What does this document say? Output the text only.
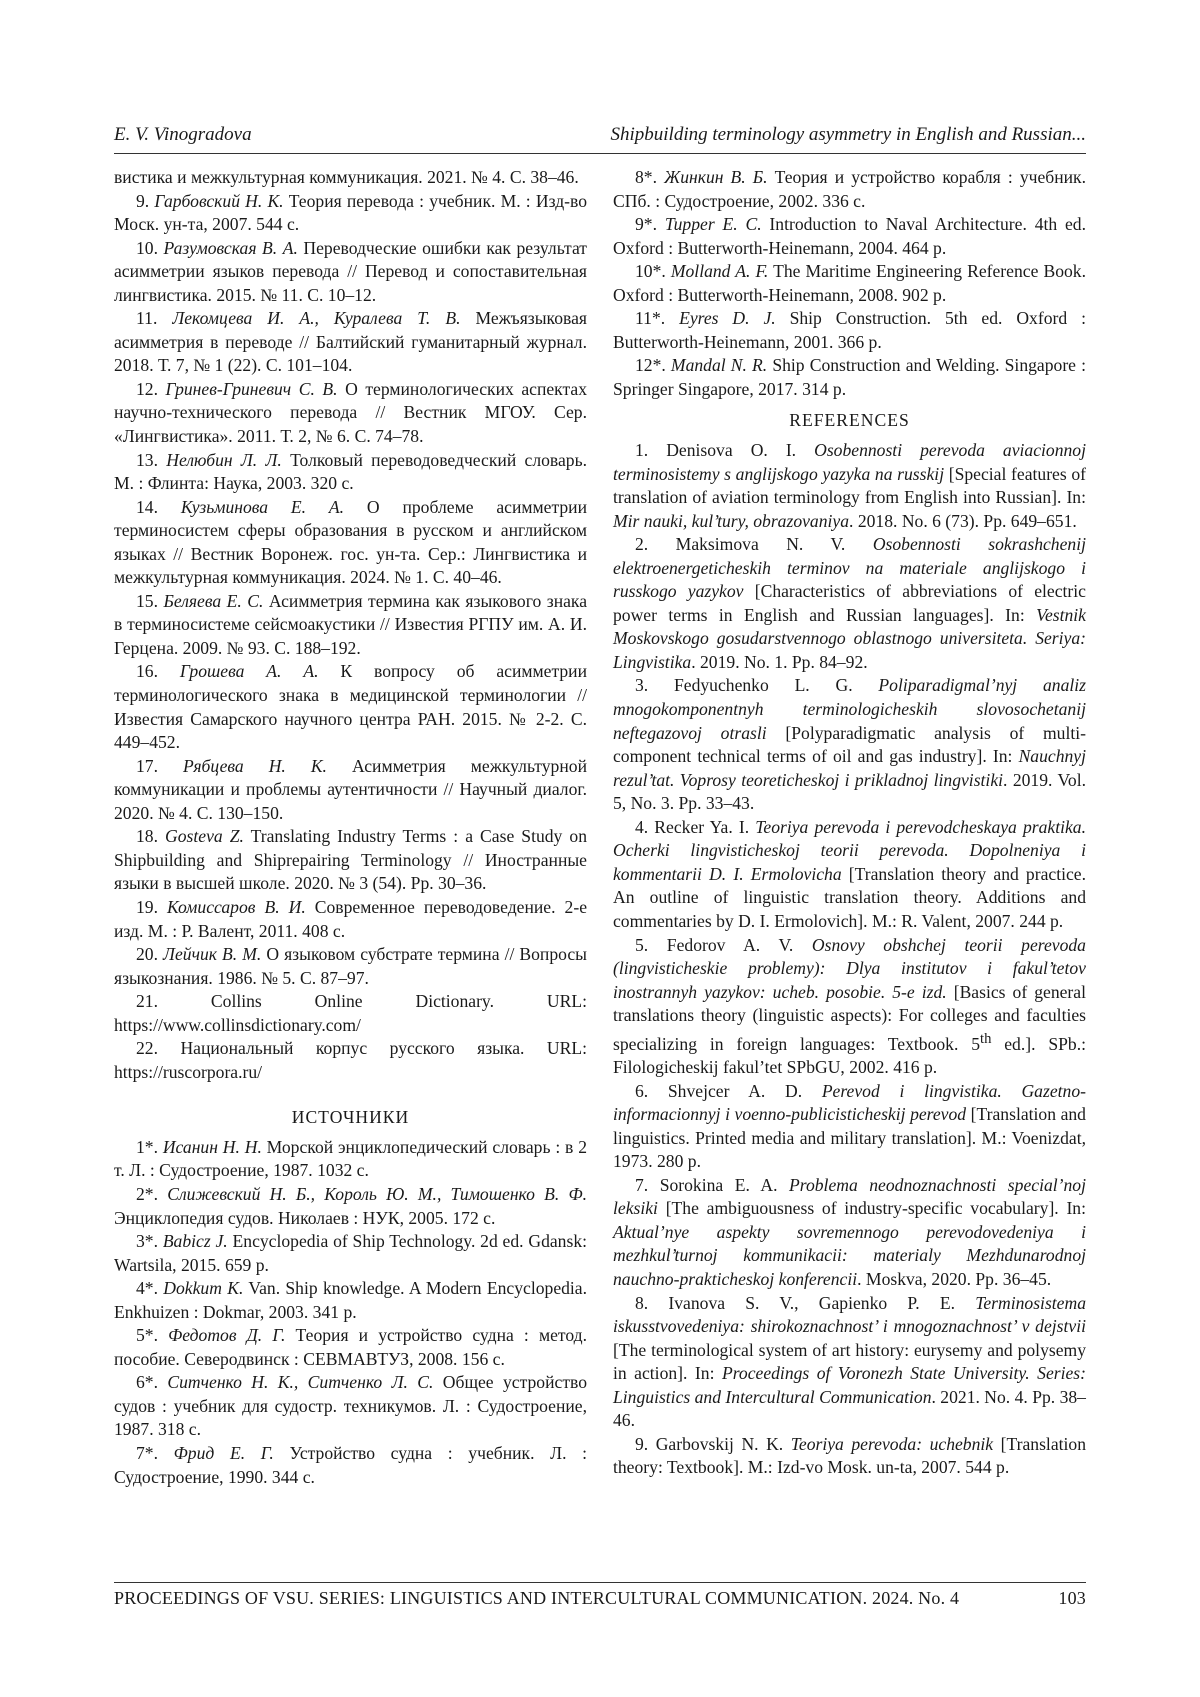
E. V. Vinogradova	Shipbuilding terminology asymmetry in English and Russian...

вистика и межкультурная коммуникация. 2021. № 4. С. 38–46.

9. Гарбовский Н. К. Теория перевода : учебник. М. : Изд-во Моск. ун-та, 2007. 544 с.

10. Разумовская В. А. Переводческие ошибки как результат асимметрии языков перевода // Перевод и сопоставительная лингвистика. 2015. № 11. С. 10–12.

11. Лекомцева И. А., Куралева Т. В. Межъязыковая асимметрия в переводе // Балтийский гуманитарный журнал. 2018. Т. 7, № 1 (22). С. 101–104.

12. Гринев-Гриневич С. В. О терминологических аспектах научно-технического перевода // Вестник МГОУ. Сер. «Лингвистика». 2011. Т. 2, № 6. С. 74–78.

13. Нелюбин Л. Л. Толковый переводоведческий словарь. М. : Флинта: Наука, 2003. 320 с.

14. Кузьминова Е. А. О проблеме асимметрии терминосистем сферы образования в русском и английском языках // Вестник Воронеж. гос. ун-та. Сер.: Лингвистика и межкультурная коммуникация. 2024. № 1. С. 40–46.

15. Беляева Е. С. Асимметрия термина как языкового знака в терминосистеме сейсмоакустики // Известия РГПУ им. А. И. Герцена. 2009. № 93. С. 188–192.

16. Грошева А. А. К вопросу об асимметрии терминологического знака в медицинской терминологии // Известия Самарского научного центра РАН. 2015. № 2-2. С. 449–452.

17. Рябцева Н. К. Асимметрия межкультурной коммуникации и проблемы аутентичности // Научный диалог. 2020. № 4. С. 130–150.

18. Gosteva Z. Translating Industry Terms : a Case Study on Shipbuilding and Shiprepairing Terminology // Иностранные языки в высшей школе. 2020. № 3 (54). Pp. 30–36.

19. Комиссаров В. И. Современное переводоведение. 2-е изд. М. : Р. Валент, 2011. 408 с.

20. Лейчик В. М. О языковом субстрате термина // Вопросы языкознания. 1986. № 5. С. 87–97.

21. Collins Online Dictionary. URL: https://www.collinsdictionary.com/

22. Национальный корпус русского языка. URL: https://ruscorpora.ru/

ИСТОЧНИКИ

1*. Исанин Н. Н. Морской энциклопедический словарь : в 2 т. Л. : Судостроение, 1987. 1032 с.

2*. Слижевский Н. Б., Король Ю. М., Тимошенко В. Ф. Энциклопедия судов. Николаев : НУК, 2005. 172 с.

3*. Babicz J. Encyclopedia of Ship Technology. 2d ed. Gdansk: Wartsila, 2015. 659 p.

4*. Dokkum K. Van. Ship knowledge. A Modern Encyclopedia. Enkhuizen : Dokmar, 2003. 341 p.

5*. Федотов Д. Г. Теория и устройство судна : метод. пособие. Северодвинск : СЕВМАВТУЗ, 2008. 156 с.

6*. Ситченко Н. К., Ситченко Л. С. Общее устройство судов : учебник для судостр. техникумов. Л. : Судостроение, 1987. 318 с.

7*. Фрид Е. Г. Устройство судна : учебник. Л. : Судостроение, 1990. 344 с.

8*. Жинкин В. Б. Теория и устройство корабля : учебник. СПб. : Судостроение, 2002. 336 с.

9*. Tupper E. C. Introduction to Naval Architecture. 4th ed. Oxford : Butterworth-Heinemann, 2004. 464 p.

10*. Molland A. F. The Maritime Engineering Reference Book. Oxford : Butterworth-Heinemann, 2008. 902 p.

11*. Eyres D. J. Ship Construction. 5th ed. Oxford : Butterworth-Heinemann, 2001. 366 p.

12*. Mandal N. R. Ship Construction and Welding. Singapore : Springer Singapore, 2017. 314 p.

REFERENCES

1. Denisova O. I. Osobennosti perevoda aviacionnoj terminosistemy s anglijskogo yazyka na russkij [Special features of translation of aviation terminology from English into Russian]. In: Mir nauki, kul’tury, obrazovaniya. 2018. No. 6 (73). Pp. 649–651.

2. Maksimova N. V. Osobennosti sokrashchenij elektroenergeticheskih terminov na materiale anglijskogo i russkogo yazykov [Characteristics of abbreviations of electric power terms in English and Russian languages]. In: Vestnik Moskovskogo gosudarstvennogo oblastnogo universiteta. Seriya: Lingvistika. 2019. No. 1. Pp. 84–92.

3. Fedyuchenko L. G. Poliparadigmal’nyj analiz mnogokomponentnyh terminologicheskih slovosochetanij neftegazovoj otrasli [Polyparadigmatic analysis of multi-component technical terms of oil and gas industry]. In: Nauchnyj rezul’tat. Voprosy teoreticheskoj i prikladnoj lingvistiki. 2019. Vol. 5, No. 3. Pp. 33–43.

4. Recker Ya. I. Teoriya perevoda i perevodcheskaya praktika. Ocherki lingvisticheskoj teorii perevoda. Dopolneniya i kommentarii D. I. Ermolovicha [Translation theory and practice. An outline of linguistic translation theory. Additions and commentaries by D. I. Ermolovich]. M.: R. Valent, 2007. 244 p.

5. Fedorov A. V. Osnovy obshchej teorii perevoda (lingvisticheskie problemy): Dlya institutov i fakul’tetov inostrannyh yazykov: ucheb. posobie. 5-e izd. [Basics of general translations theory (linguistic aspects): For colleges and faculties specializing in foreign languages: Textbook. 5th ed.]. SPb.: Filologicheskij fakul’tet SPbGU, 2002. 416 p.

6. Shvejcer A. D. Perevod i lingvistika. Gazetno-informacionnyj i voenno-publicisticheskij perevod [Translation and linguistics. Printed media and military translation]. M.: Voenizdat, 1973. 280 p.

7. Sorokina E. A. Problema neodnoznachnosti special’noj leksiki [The ambiguousness of industry-specific vocabulary]. In: Aktual’nye aspekty sovremennogo perevodovedeniya i mezhkul’turnoj kommunikacii: materialy Mezhdunarodnoj nauchno-prakticheskoj konferencii. Moskva, 2020. Pp. 36–45.

8. Ivanova S. V., Gapienko P. E. Terminosistema iskusstvovedeniya: shirokoznachnost’ i mnogoznachnost’ v dejstvii [The terminological system of art history: eurysemy and polysemy in action]. In: Proceedings of Voronezh State University. Series: Linguistics and Intercultural Communication. 2021. No. 4. Pp. 38–46.

9. Garbovskij N. K. Teoriya perevoda: uchebnik [Translation theory: Textbook]. M.: Izd-vo Mosk. un-ta, 2007. 544 p.

PROCEEDINGS OF VSU. SERIES: LINGUISTICS AND INTERCULTURAL COMMUNICATION. 2024. No. 4	103
